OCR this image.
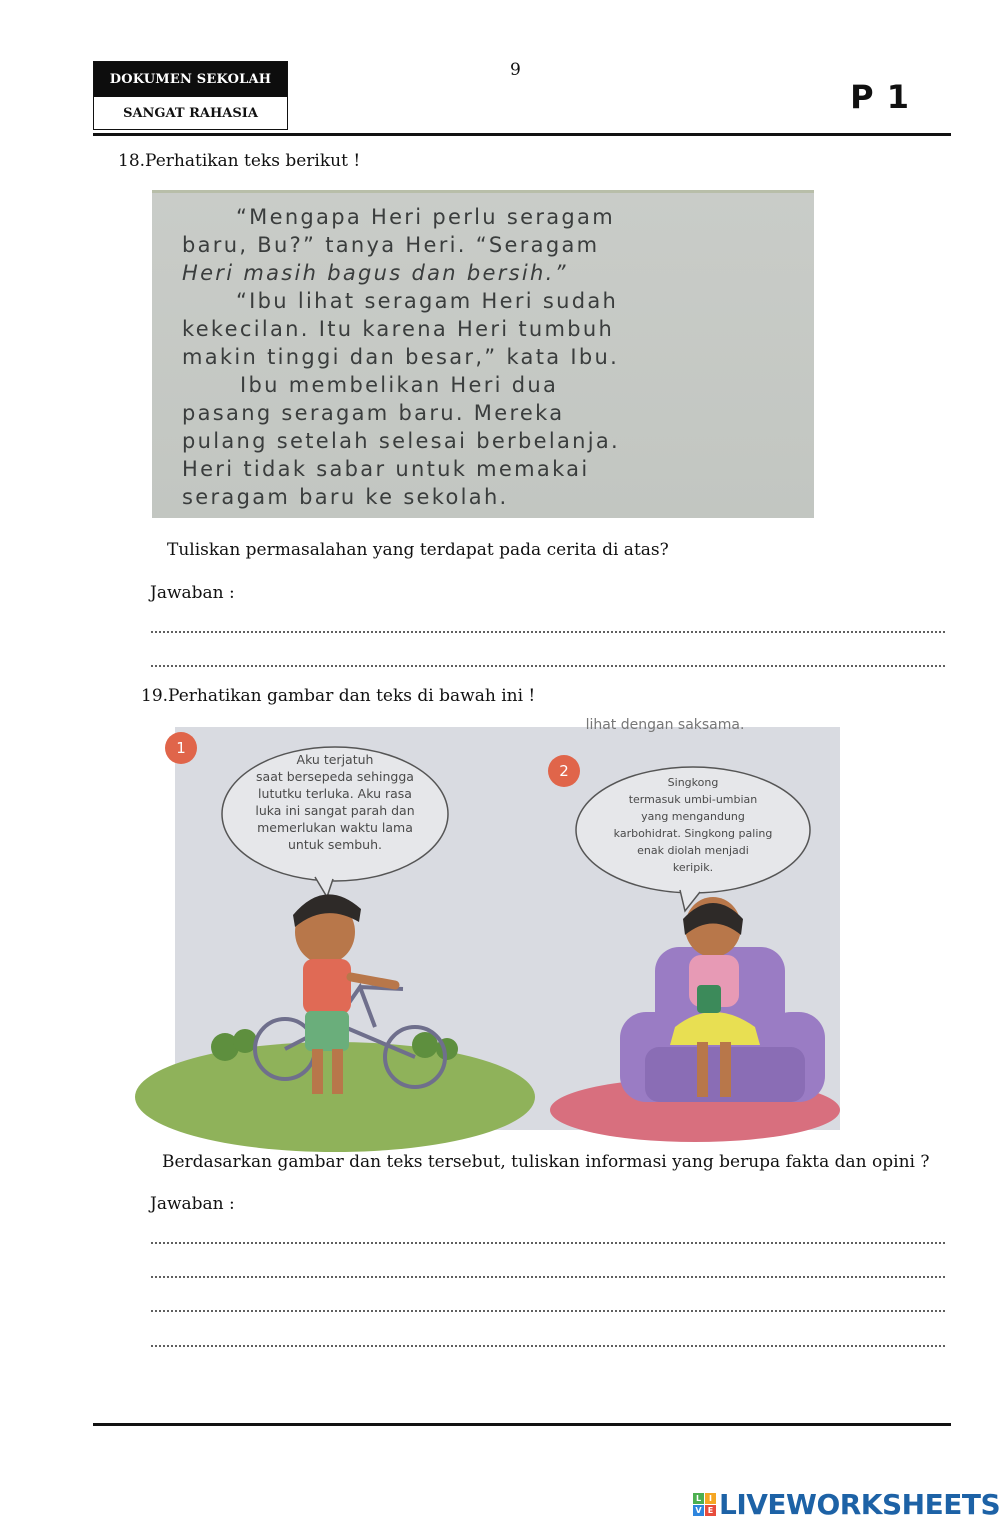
DOKUMEN SEKOLAH
SANGAT RAHASIA
9
P 1
18.Perhatikan teks berikut !
“Mengapa Heri perlu seragam
baru, Bu?” tanya Heri. “Seragam
Heri masih bagus dan bersih.”
“Ibu lihat seragam Heri sudah
kekecilan. Itu karena Heri tumbuh
makin tinggi dan besar,” kata Ibu.
Ibu membelikan Heri dua
pasang seragam baru. Mereka
pulang setelah selesai berbelanja.
Heri tidak sabar untuk memakai
seragam baru ke sekolah.
Tuliskan permasalahan yang terdapat pada cerita di atas?
Jawaban :
19.Perhatikan gambar dan teks di bawah ini !
lihat dengan saksama.
1
2
Aku terjatuh
saat bersepeda sehingga
lututku terluka. Aku rasa
luka ini sangat parah dan
memerlukan waktu lama
untuk sembuh.
Singkong
termasuk umbi-umbian
yang mengandung
karbohidrat. Singkong paling
enak diolah menjadi
keripik.
Berdasarkan gambar dan teks tersebut, tuliskan informasi yang berupa fakta dan opini ?
Jawaban :
L I
V E LIVEWORKSHEETS
